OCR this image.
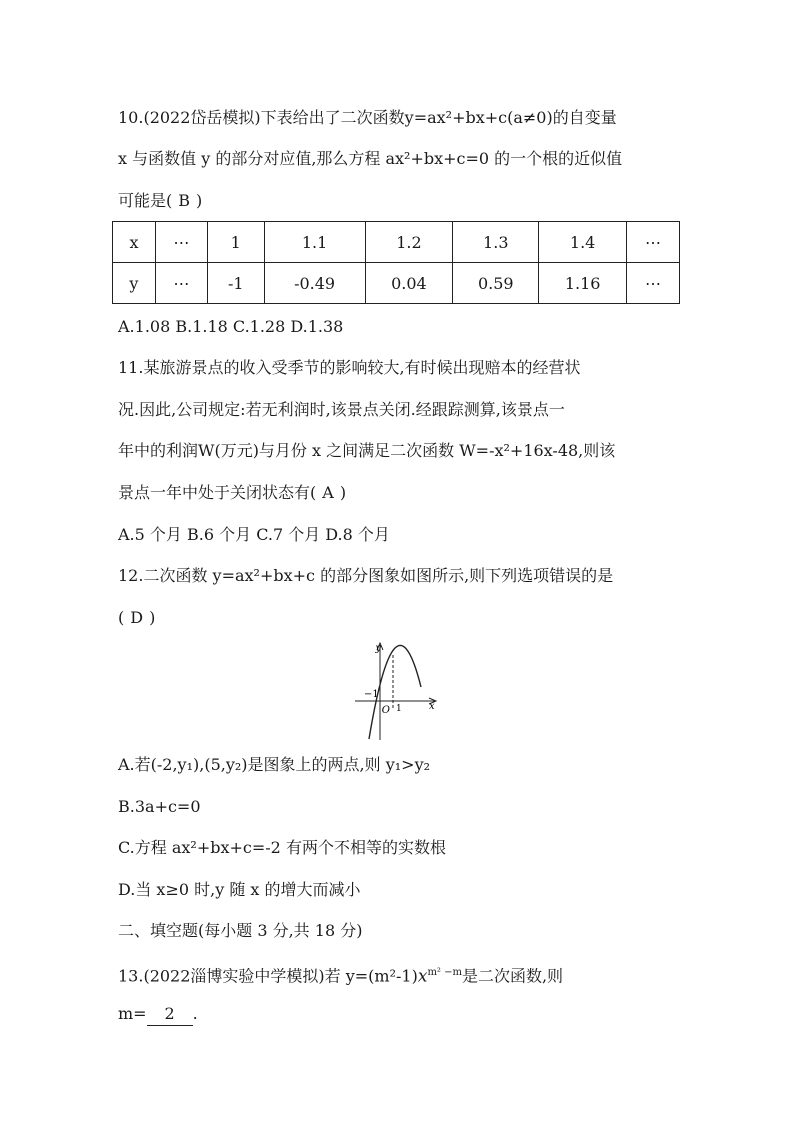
10.(2022岱岳模拟)下表给出了二次函数y=ax²+bx+c(a≠0)的自变量
x 与函数值 y 的部分对应值,那么方程 ax²+bx+c=0 的一个根的近似值
可能是( B )
x	⋯	1	1.1	1.2	1.3	1.4	⋯
y	⋯	-1	-0.49	0.04	0.59	1.16	⋯
A.1.08 B.1.18 C.1.28 D.1.38
11.某旅游景点的收入受季节的影响较大,有时候出现赔本的经营状
况.因此,公司规定:若无利润时,该景点关闭.经跟踪测算,该景点一
年中的利润W(万元)与月份 x 之间满足二次函数 W=-x²+16x-48,则该
景点一年中处于关闭状态有( A )
A.5 个月 B.6 个月 C.7 个月 D.8 个月
12.二次函数 y=ax²+bx+c 的部分图象如图所示,则下列选项错误的是
( D )
y
x
O
−1
1
A.若(-2,y₁),(5,y₂)是图象上的两点,则 y₁>y₂
B.3a+c=0
C.方程 ax²+bx+c=-2 有两个不相等的实数根
D.当 x≥0 时,y 随 x 的增大而减小
二、填空题(每小题 3 分,共 18 分)
13.(2022淄博实验中学模拟)若 $y=(m^2-1)x^{m^2 -m}$是二次函数,则
m= 2 .
